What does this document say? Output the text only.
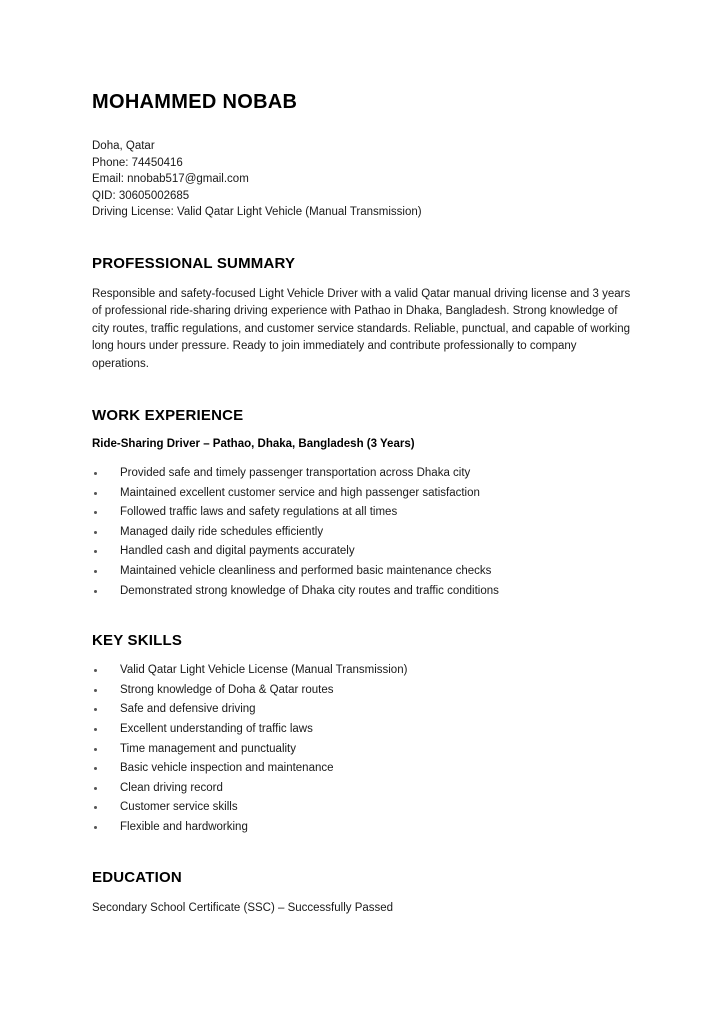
MOHAMMED NOBAB
Doha, Qatar
Phone: 74450416
Email: nnobab517@gmail.com
QID: 30605002685
Driving License: Valid Qatar Light Vehicle (Manual Transmission)
PROFESSIONAL SUMMARY

Responsible and safety-focused Light Vehicle Driver with a valid Qatar manual driving license and 3 years of professional ride-sharing driving experience with Pathao in Dhaka, Bangladesh. Strong knowledge of city routes, traffic regulations, and customer service standards. Reliable, punctual, and capable of working long hours under pressure. Ready to join immediately and contribute professionally to company operations.

WORK EXPERIENCE
Ride-Sharing Driver – Pathao, Dhaka, Bangladesh (3 Years)
Provided safe and timely passenger transportation across Dhaka city
Maintained excellent customer service and high passenger satisfaction
Followed traffic laws and safety regulations at all times
Managed daily ride schedules efficiently
Handled cash and digital payments accurately
Maintained vehicle cleanliness and performed basic maintenance checks
Demonstrated strong knowledge of Dhaka city routes and traffic conditions
KEY SKILLS
Valid Qatar Light Vehicle License (Manual Transmission)
Strong knowledge of Doha & Qatar routes
Safe and defensive driving
Excellent understanding of traffic laws
Time management and punctuality
Basic vehicle inspection and maintenance
Clean driving record
Customer service skills
Flexible and hardworking
EDUCATION
Secondary School Certificate (SSC) – Successfully Passed
